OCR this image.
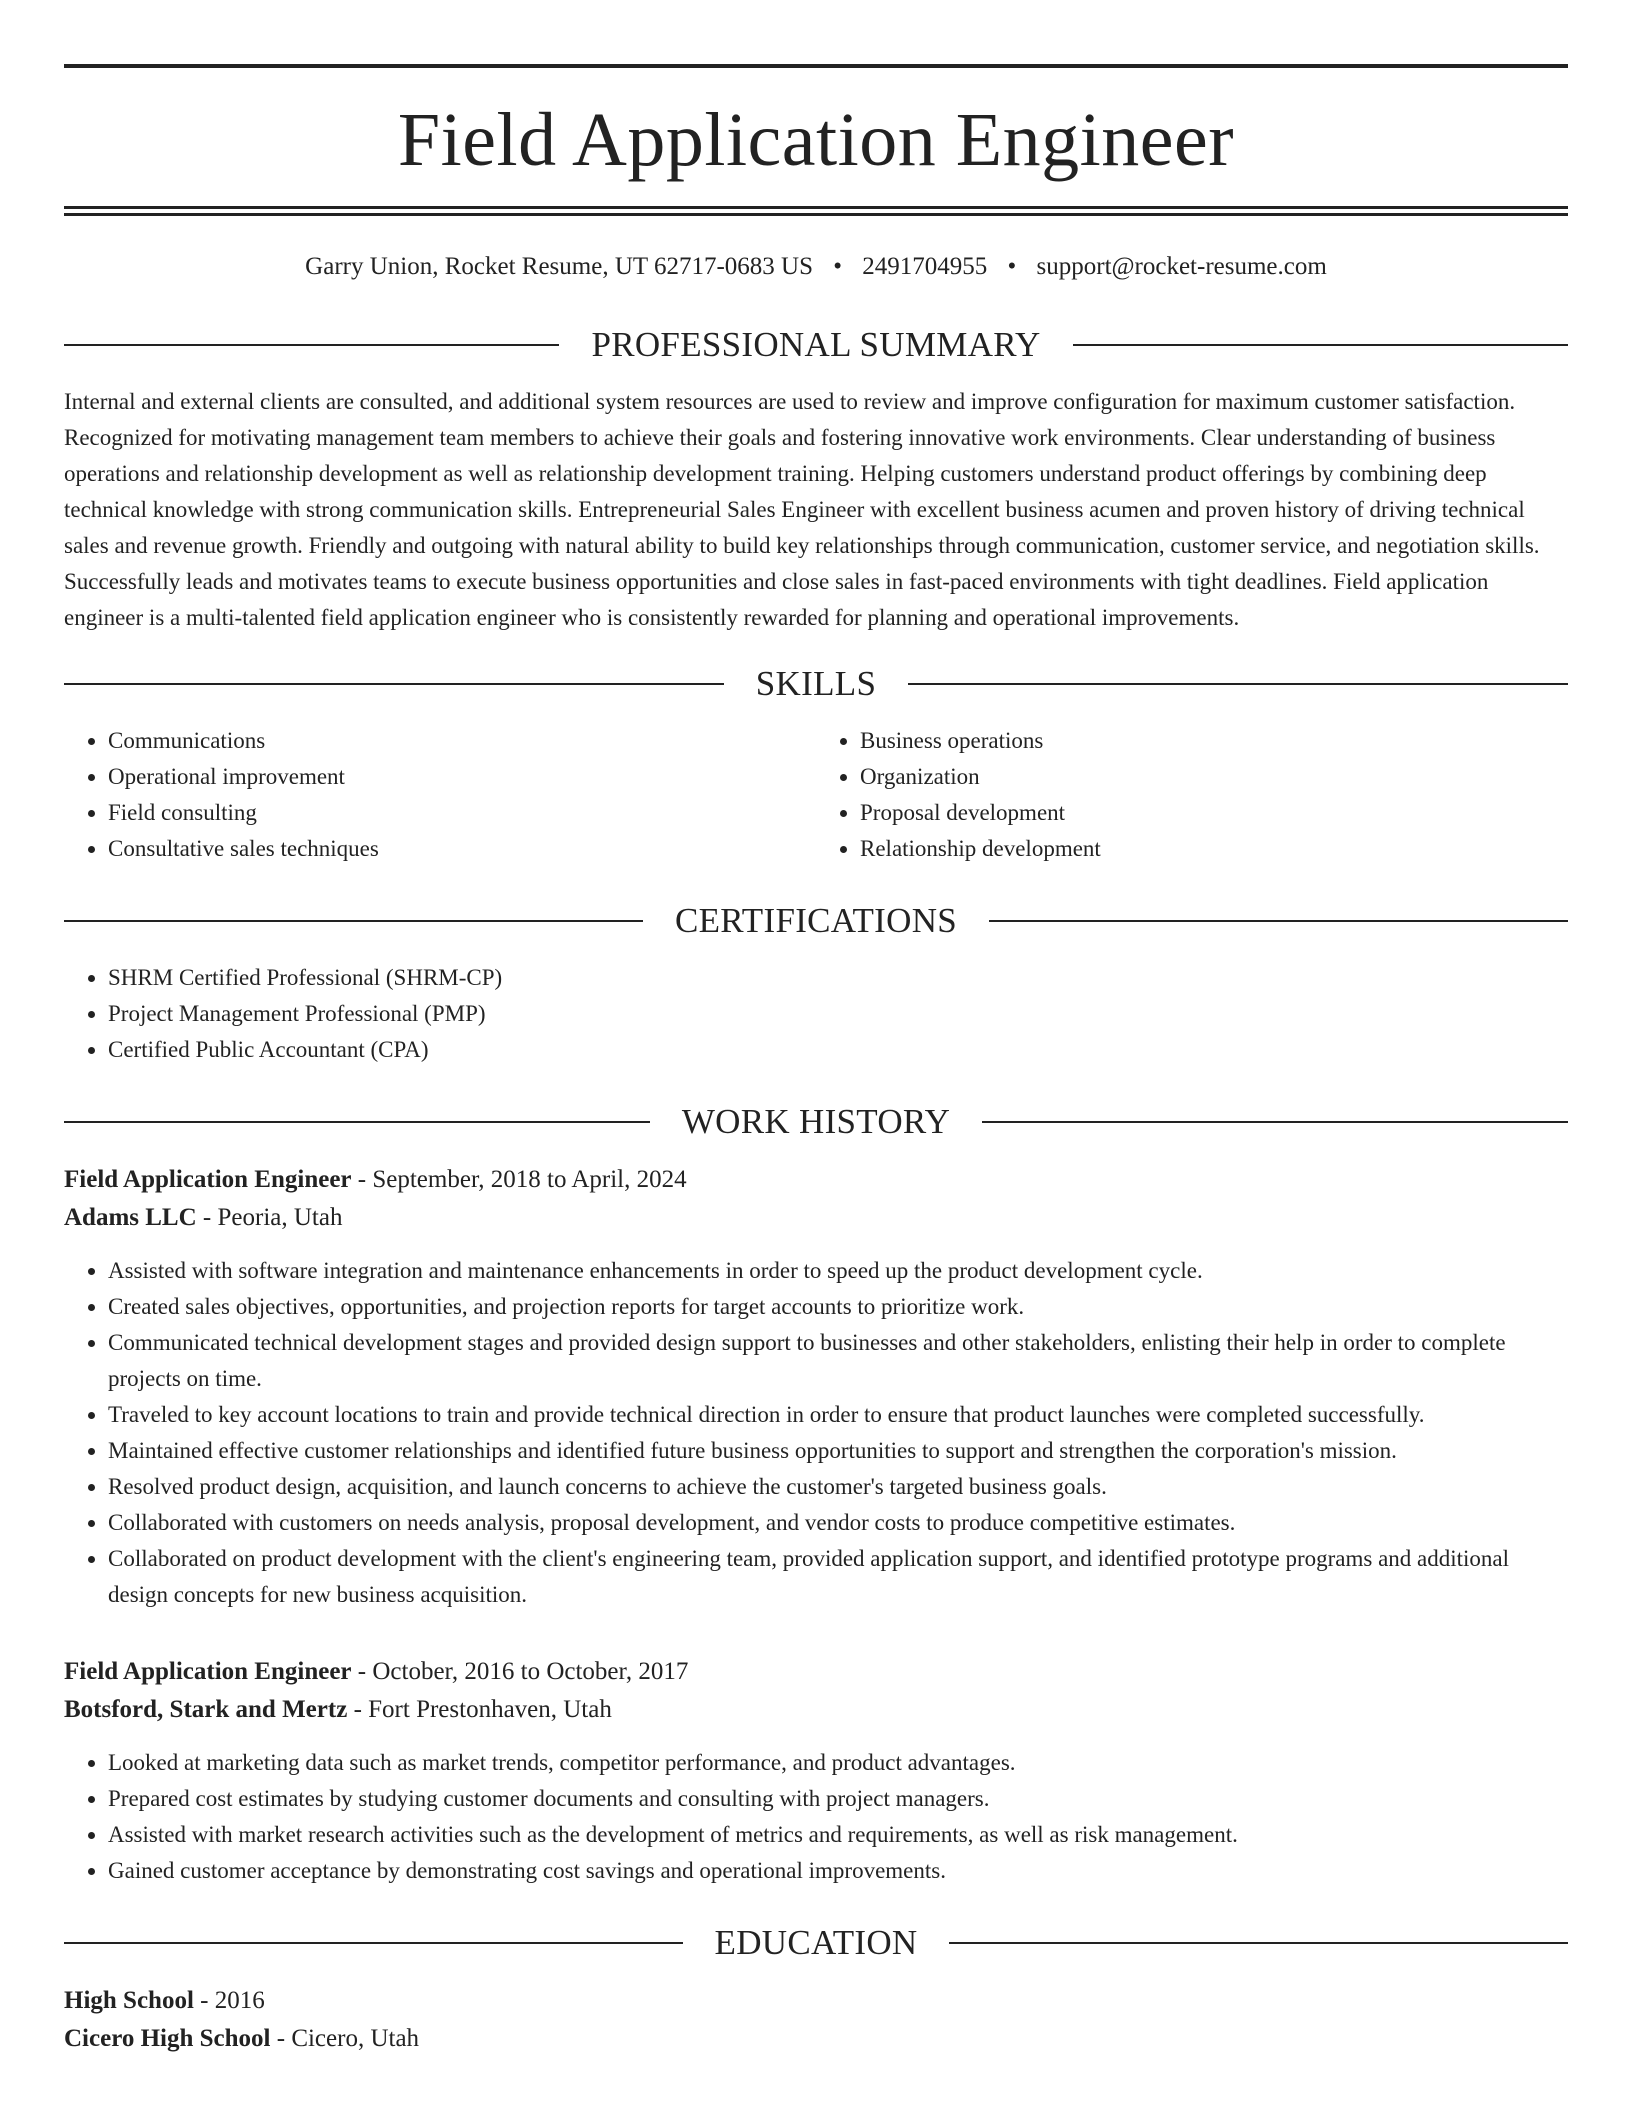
Field Application Engineer
Garry Union, Rocket Resume, UT 62717-0683 US • 2491704955 • support@rocket-resume.com
PROFESSIONAL SUMMARY

Internal and external clients are consulted, and additional system resources are used to review and improve configuration for maximum customer satisfaction. Recognized for motivating management team members to achieve their goals and fostering innovative work environments. Clear understanding of business operations and relationship development as well as relationship development training. Helping customers understand product offerings by combining deep technical knowledge with strong communication skills. Entrepreneurial Sales Engineer with excellent business acumen and proven history of driving technical sales and revenue growth. Friendly and outgoing with natural ability to build key relationships through communication, customer service, and negotiation skills. Successfully leads and motivates teams to execute business opportunities and close sales in fast-paced environments with tight deadlines. Field application engineer is a multi-talented field application engineer who is consistently rewarded for planning and operational improvements.

SKILLS
• Communications
• Operational improvement
• Field consulting
• Consultative sales techniques
• Business operations
• Organization
• Proposal development
• Relationship development
CERTIFICATIONS
• SHRM Certified Professional (SHRM-CP)
• Project Management Professional (PMP)
• Certified Public Accountant (CPA)
WORK HISTORY
Field Application Engineer - September, 2018 to April, 2024
Adams LLC - Peoria, Utah
• Assisted with software integration and maintenance enhancements in order to speed up the product development cycle.
• Created sales objectives, opportunities, and projection reports for target accounts to prioritize work.
• Communicated technical development stages and provided design support to businesses and other stakeholders, enlisting their help in order to complete projects on time.
• Traveled to key account locations to train and provide technical direction in order to ensure that product launches were completed successfully.
• Maintained effective customer relationships and identified future business opportunities to support and strengthen the corporation's mission.
• Resolved product design, acquisition, and launch concerns to achieve the customer's targeted business goals.
• Collaborated with customers on needs analysis, proposal development, and vendor costs to produce competitive estimates.
• Collaborated on product development with the client's engineering team, provided application support, and identified prototype programs and additional design concepts for new business acquisition.
Field Application Engineer - October, 2016 to October, 2017
Botsford, Stark and Mertz - Fort Prestonhaven, Utah
• Looked at marketing data such as market trends, competitor performance, and product advantages.
• Prepared cost estimates by studying customer documents and consulting with project managers.
• Assisted with market research activities such as the development of metrics and requirements, as well as risk management.
• Gained customer acceptance by demonstrating cost savings and operational improvements.
EDUCATION
High School - 2016
Cicero High School - Cicero, Utah
